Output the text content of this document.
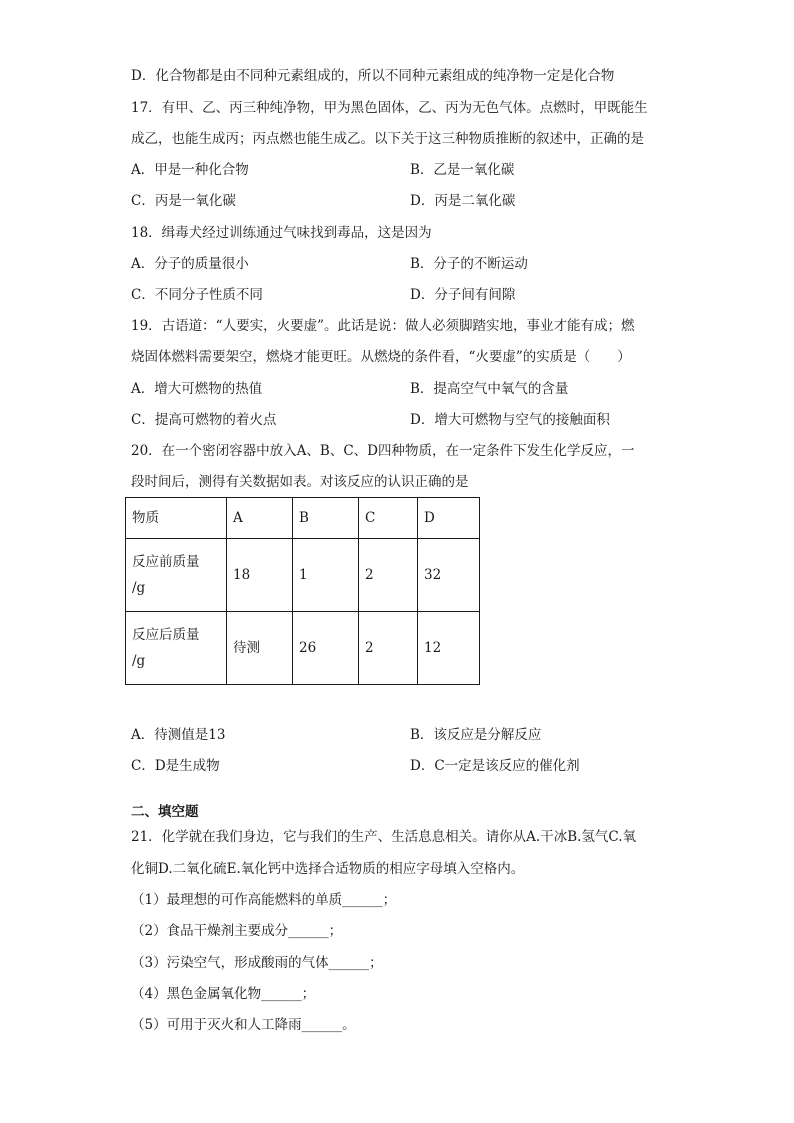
D．化合物都是由不同种元素组成的，所以不同种元素组成的纯净物一定是化合物
17．有甲、乙、丙三种纯净物，甲为黑色固体，乙、丙为无色气体。点燃时，甲既能生
成乙，也能生成丙；丙点燃也能生成乙。以下关于这三种物质推断的叙述中，正确的是
A．甲是一种化合物	B．乙是一氧化碳
C．丙是一氧化碳	D．丙是二氧化碳
18．缉毒犬经过训练通过气味找到毒品，这是因为
A．分子的质量很小	B．分子的不断运动
C．不同分子性质不同	D．分子间有间隙
19．古语道：“人要实，火要虚”。此话是说：做人必须脚踏实地，事业才能有成；燃
烧固体燃料需要架空，燃烧才能更旺。从燃烧的条件看，“火要虚”的实质是（　　）
A．增大可燃物的热值	B．提高空气中氧气的含量
C．提高可燃物的着火点	D．增大可燃物与空气的接触面积
20．在一个密闭容器中放入A、B、C、D四种物质，在一定条件下发生化学反应，一
段时间后，测得有关数据如表。对该反应的认识正确的是
物质	A	B	C	D

反应前质量
/g	18	1	2	32

反应后质量
/g	待测	26	2	12
A．待测值是13	B．该反应是分解反应
C．D是生成物	D．C一定是该反应的催化剂
二、填空题
21．化学就在我们身边，它与我们的生产、生活息息相关。请你从A.干冰B.氢气C.氧
化铜D.二氧化硫E.氧化钙中选择合适物质的相应字母填入空格内。
（1）最理想的可作高能燃料的单质______；
（2）食品干燥剂主要成分______；
（3）污染空气，形成酸雨的气体______；
（4）黑色金属氧化物______；
（5）可用于灭火和人工降雨______。
